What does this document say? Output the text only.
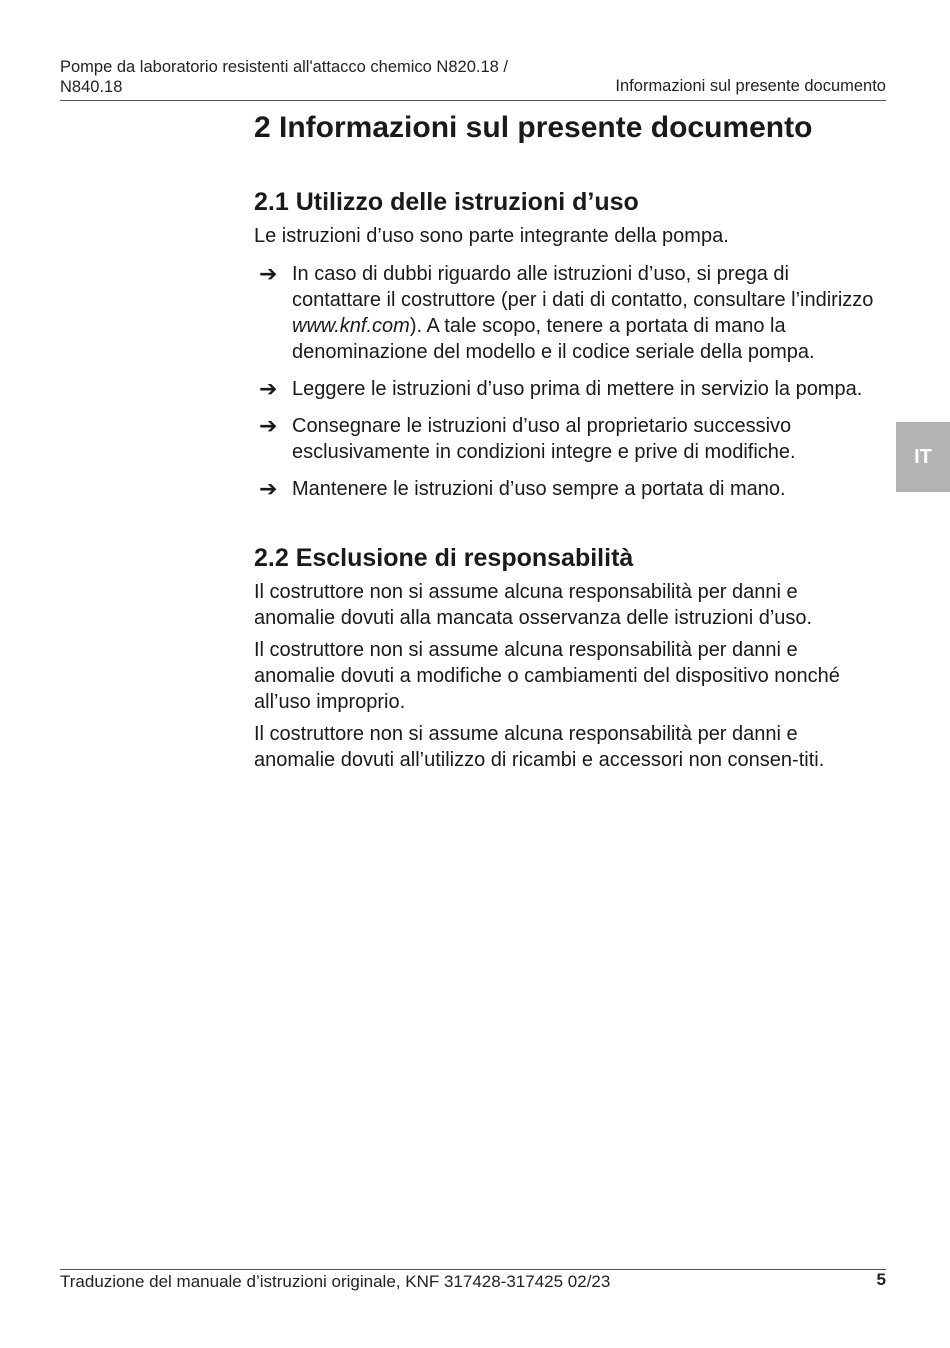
Pompe da laboratorio resistenti all'attacco chemico N820.18 /
N840.18	Informazioni sul presente documento
2 Informazioni sul presente documento
2.1 Utilizzo delle istruzioni d’uso

Le istruzioni d’uso sono parte integrante della pompa.

➔ In caso di dubbi riguardo alle istruzioni d’uso, si prega di contattare il costruttore (per i dati di contatto, consultare l’indirizzo www.knf.com). A tale scopo, tenere a portata di mano la denominazione del modello e il codice seriale della pompa.
➔ Leggere le istruzioni d’uso prima di mettere in servizio la pompa.
➔ Consegnare le istruzioni d’uso al proprietario successivo esclusivamente in condizioni integre e prive di modifiche.
➔ Mantenere le istruzioni d’uso sempre a portata di mano.
2.2 Esclusione di responsabilità

Il costruttore non si assume alcuna responsabilità per danni e anomalie dovuti alla mancata osservanza delle istruzioni d’uso.

Il costruttore non si assume alcuna responsabilità per danni e anomalie dovuti a modifiche o cambiamenti del dispositivo nonché all’uso improprio.

Il costruttore non si assume alcuna responsabilità per danni e anomalie dovuti all’utilizzo di ricambi e accessori non consen-titi.

IT
Traduzione del manuale d’istruzioni originale, KNF 317428-317425 02/23	5
